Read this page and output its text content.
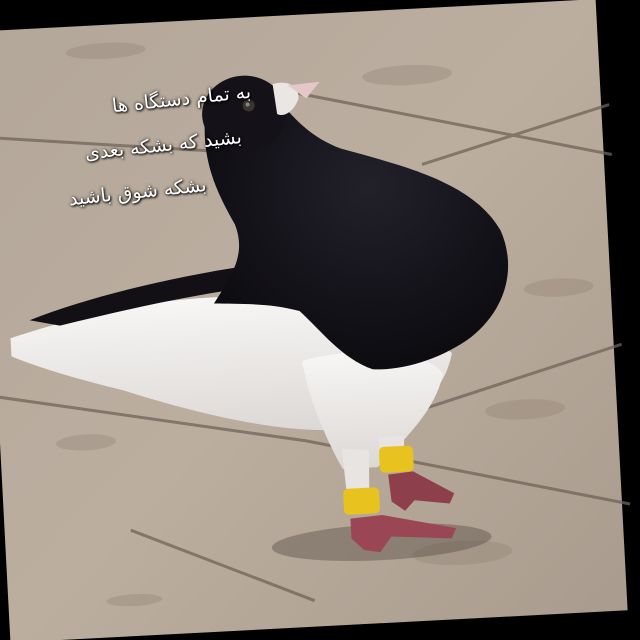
به تمام دستگاه ها
بشید که بشکه بعدی
بشکه شوق باشید
